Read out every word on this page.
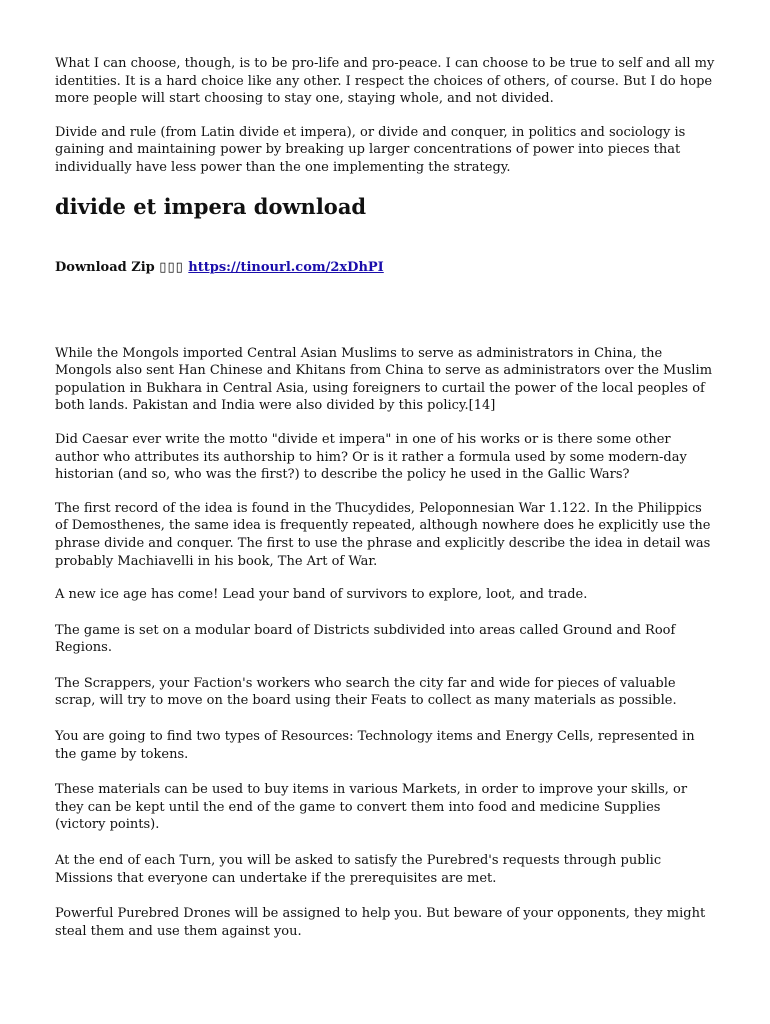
What I can choose, though, is to be pro-life and pro-peace. I can choose to be true to self and all my identities. It is a hard choice like any other. I respect the choices of others, of course. But I do hope more people will start choosing to stay one, staying whole, and not divided.

Divide and rule (from Latin divide et impera), or divide and conquer, in politics and sociology is gaining and maintaining power by breaking up larger concentrations of power into pieces that individually have less power than the one implementing the strategy.

divide et impera download
Download Zip ▯▯▯ https://tinourl.com/2xDhPI

While the Mongols imported Central Asian Muslims to serve as administrators in China, the Mongols also sent Han Chinese and Khitans from China to serve as administrators over the Muslim population in Bukhara in Central Asia, using foreigners to curtail the power of the local peoples of both lands. Pakistan and India were also divided by this policy.[14]

Did Caesar ever write the motto "divide et impera" in one of his works or is there some other author who attributes its authorship to him? Or is it rather a formula used by some modern-day historian (and so, who was the first?) to describe the policy he used in the Gallic Wars?

The first record of the idea is found in the Thucydides, Peloponnesian War 1.122. In the Philippics of Demosthenes, the same idea is frequently repeated, although nowhere does he explicitly use the phrase divide and conquer. The first to use the phrase and explicitly describe the idea in detail was probably Machiavelli in his book, The Art of War.

A new ice age has come! Lead your band of survivors to explore, loot, and trade.

The game is set on a modular board of Districts subdivided into areas called Ground and Roof Regions.

The Scrappers, your Faction's workers who search the city far and wide for pieces of valuable scrap, will try to move on the board using their Feats to collect as many materials as possible.

You are going to find two types of Resources: Technology items and Energy Cells, represented in the game by tokens.

These materials can be used to buy items in various Markets, in order to improve your skills, or they can be kept until the end of the game to convert them into food and medicine Supplies (victory points).

At the end of each Turn, you will be asked to satisfy the Purebred's requests through public Missions that everyone can undertake if the prerequisites are met.

Powerful Purebred Drones will be assigned to help you. But beware of your opponents, they might steal them and use them against you.
